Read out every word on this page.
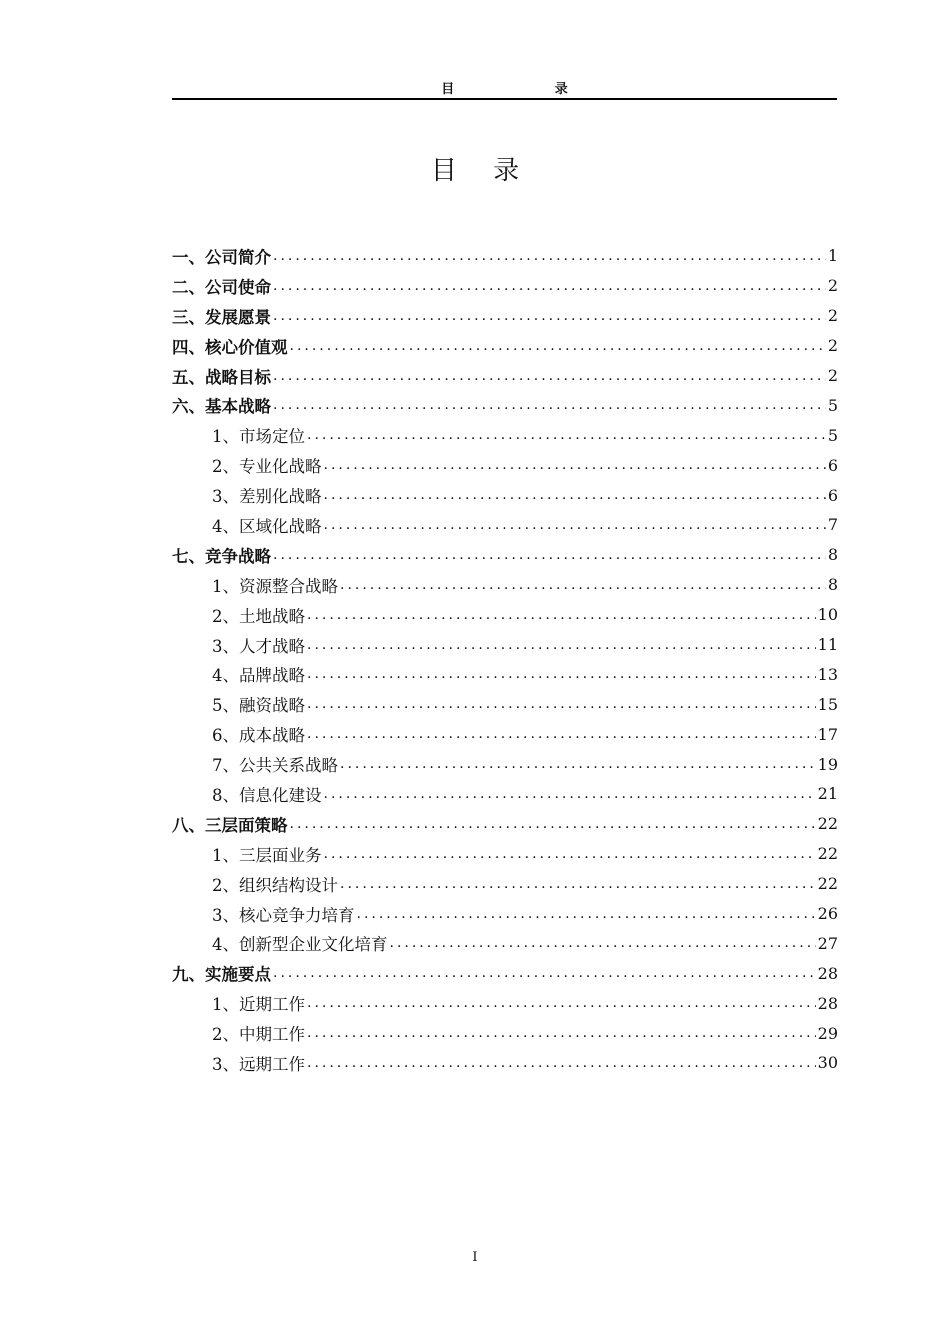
目	录
目 录
一、公司简介 .....	1
二、公司使命 .....	2
三、发展愿景 .....	2
四、核心价值观 .....	2
五、战略目标 .....	2
六、基本战略 .....	5
1、市场定位 .....	5
2、专业化战略 .....	6
3、差别化战略 .....	6
4、区域化战略 .....	7
七、竞争战略 .....	8
1、资源整合战略 .....	8
2、土地战略 .....	10
3、人才战略 .....	11
4、品牌战略 .....	13
5、融资战略 .....	15
6、成本战略 .....	17
7、公共关系战略 .....	19
8、信息化建设 .....	21
八、三层面策略 .....	22
1、三层面业务 .....	22
2、组织结构设计 .....	22
3、核心竞争力培育 .....	26
4、创新型企业文化培育 .....	27
九、实施要点 .....	28
1、近期工作 .....	28
2、中期工作 .....	29
3、远期工作 .....	30
I
